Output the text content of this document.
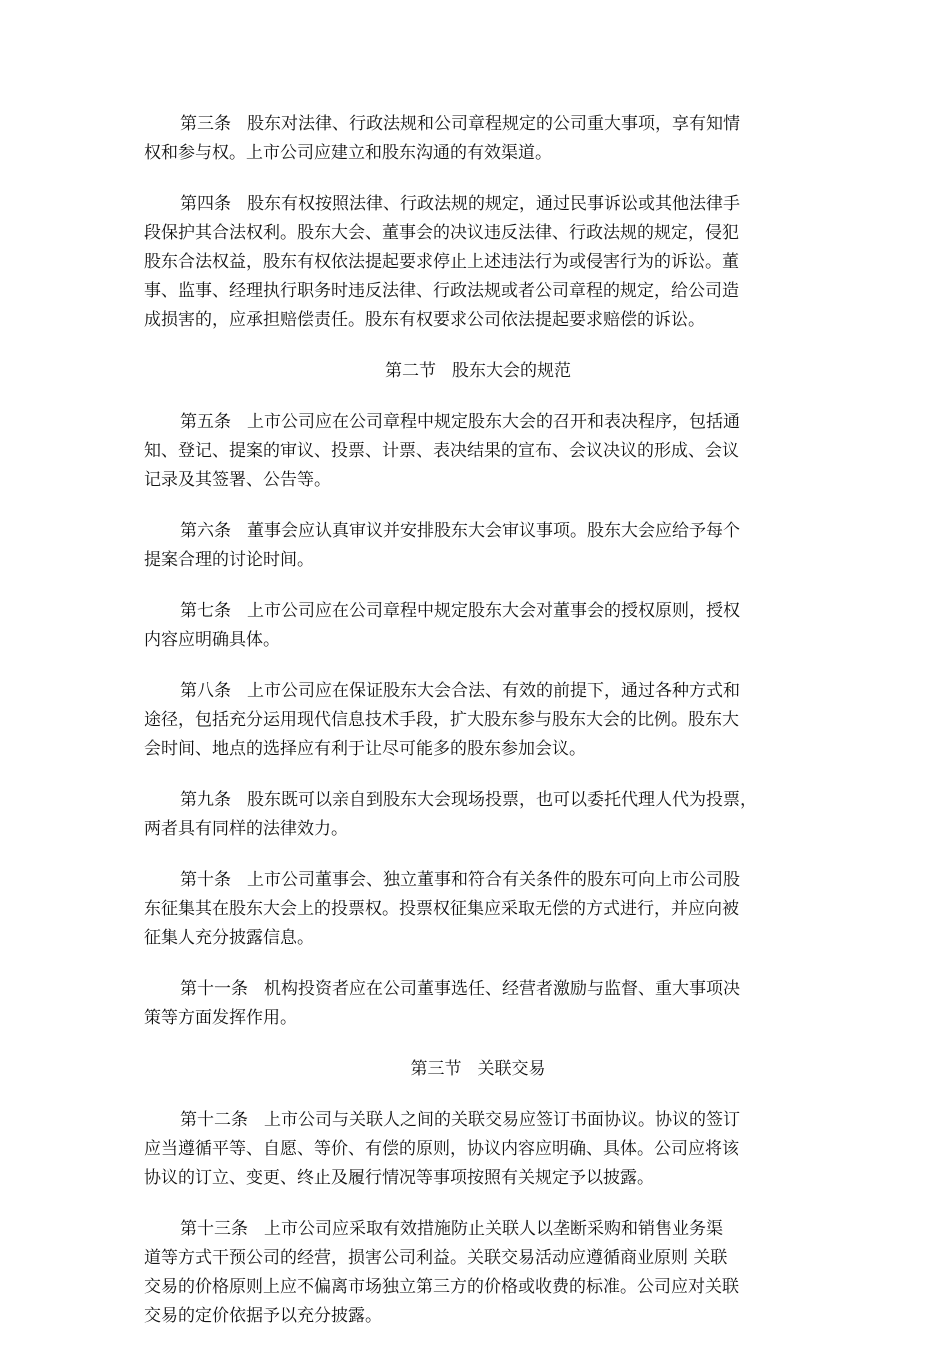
第三条 股东对法律、行政法规和公司章程规定的公司重大事项，享有知情
权和参与权。上市公司应建立和股东沟通的有效渠道。
第四条 股东有权按照法律、行政法规的规定，通过民事诉讼或其他法律手
段保护其合法权利。股东大会、董事会的决议违反法律、行政法规的规定，侵犯
股东合法权益，股东有权依法提起要求停止上述违法行为或侵害行为的诉讼。董
事、监事、经理执行职务时违反法律、行政法规或者公司章程的规定，给公司造
成损害的，应承担赔偿责任。股东有权要求公司依法提起要求赔偿的诉讼。
第二节 股东大会的规范
第五条 上市公司应在公司章程中规定股东大会的召开和表决程序，包括通
知、登记、提案的审议、投票、计票、表决结果的宣布、会议决议的形成、会议
记录及其签署、公告等。
第六条 董事会应认真审议并安排股东大会审议事项。股东大会应给予每个
提案合理的讨论时间。
第七条 上市公司应在公司章程中规定股东大会对董事会的授权原则，授权
内容应明确具体。
第八条 上市公司应在保证股东大会合法、有效的前提下，通过各种方式和
途径，包括充分运用现代信息技术手段，扩大股东参与股东大会的比例。股东大
会时间、地点的选择应有利于让尽可能多的股东参加会议。
第九条 股东既可以亲自到股东大会现场投票，也可以委托代理人代为投票，
两者具有同样的法律效力。
第十条 上市公司董事会、独立董事和符合有关条件的股东可向上市公司股
东征集其在股东大会上的投票权。投票权征集应采取无偿的方式进行，并应向被
征集人充分披露信息。
第十一条 机构投资者应在公司董事选任、经营者激励与监督、重大事项决
策等方面发挥作用。
第三节 关联交易
第十二条 上市公司与关联人之间的关联交易应签订书面协议。协议的签订
应当遵循平等、自愿、等价、有偿的原则，协议内容应明确、具体。公司应将该
协议的订立、变更、终止及履行情况等事项按照有关规定予以披露。
第十三条 上市公司应采取有效措施防止关联人以垄断采购和销售业务渠
道等方式干预公司的经营，损害公司利益。关联交易活动应遵循商业原则 关联
交易的价格原则上应不偏离市场独立第三方的价格或收费的标准。公司应对关联
交易的定价依据予以充分披露。
